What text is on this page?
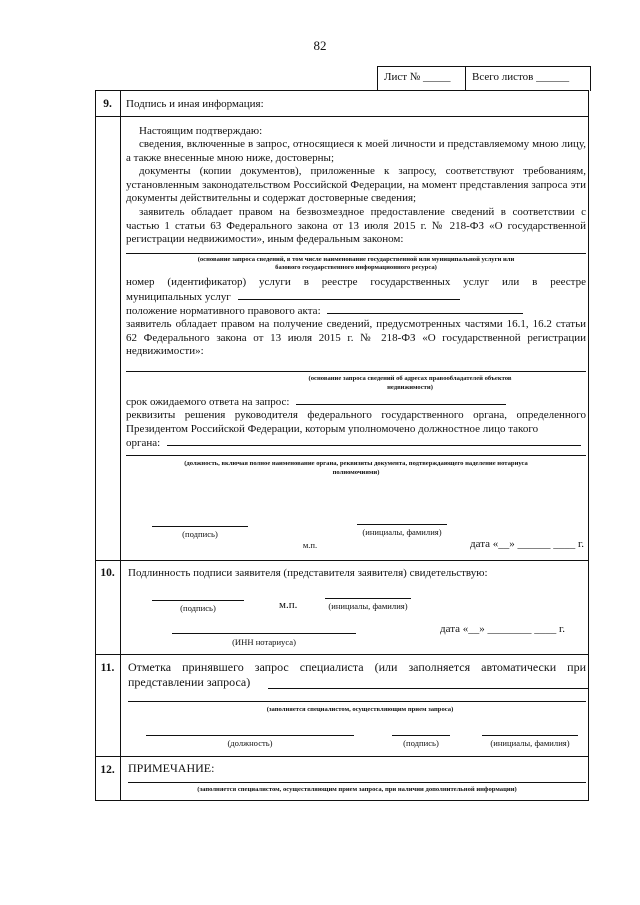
82
Лист № _____	Всего листов ______
9.	Подпись и иная информация:
Настоящим подтверждаю:
сведения, включенные в запрос, относящиеся к моей личности и представляемому мною лицу, а также внесенные мною ниже, достоверны;
документы (копии документов), приложенные к запросу, соответствуют требованиям, установленным законодательством Российской Федерации, на момент представления запроса эти документы действительны и содержат достоверные сведения;
заявитель обладает правом на безвозмездное предоставление сведений в соответствии с частью 1 статьи 63 Федерального закона от 13 июля 2015 г. № 218-ФЗ «О государственной регистрации недвижимости», иным федеральным законом:
(основание запроса сведений, в том числе наименование государственной или муниципальной услуги или
базового государственного информационного ресурса)
номер (идентификатор) услуги в реестре государственных услуг или в реестре
муниципальных услуг
положение нормативного правового акта:
заявитель обладает правом на получение сведений, предусмотренных частями 16.1, 16.2 статьи 62 Федерального закона от 13 июля 2015 г. № 218-ФЗ «О государственной регистрации недвижимости»:
(основание запроса сведений об адресах правообладателей объектов
недвижимости)
срок ожидаемого ответа на запрос:
реквизиты решения руководителя федерального государственного органа, определенного Президентом Российской Федерации, которым уполномочено должностное лицо такого
органа:
(должность, включая полное наименование органа, реквизиты документа, подтверждающего наделение нотариуса
полномочиями)
(подпись)
м.п.
(инициалы, фамилия)
дата «__» ______ ____ г.
10.	Подлинность подписи заявителя (представителя заявителя) свидетельствую:
(подпись)	м.п.	(инициалы, фамилия)
дата «__» ________ ____ г.
(ИНН нотариуса)
11.	Отметка принявшего запрос специалиста (или заполняется автоматически при представлении запроса)
(заполняется специалистом, осуществляющим прием запроса)
(должность)	(подпись)	(инициалы, фамилия)
12.	ПРИМЕЧАНИЕ:
(заполняется специалистом, осуществляющим прием запроса, при наличии дополнительной информации)
